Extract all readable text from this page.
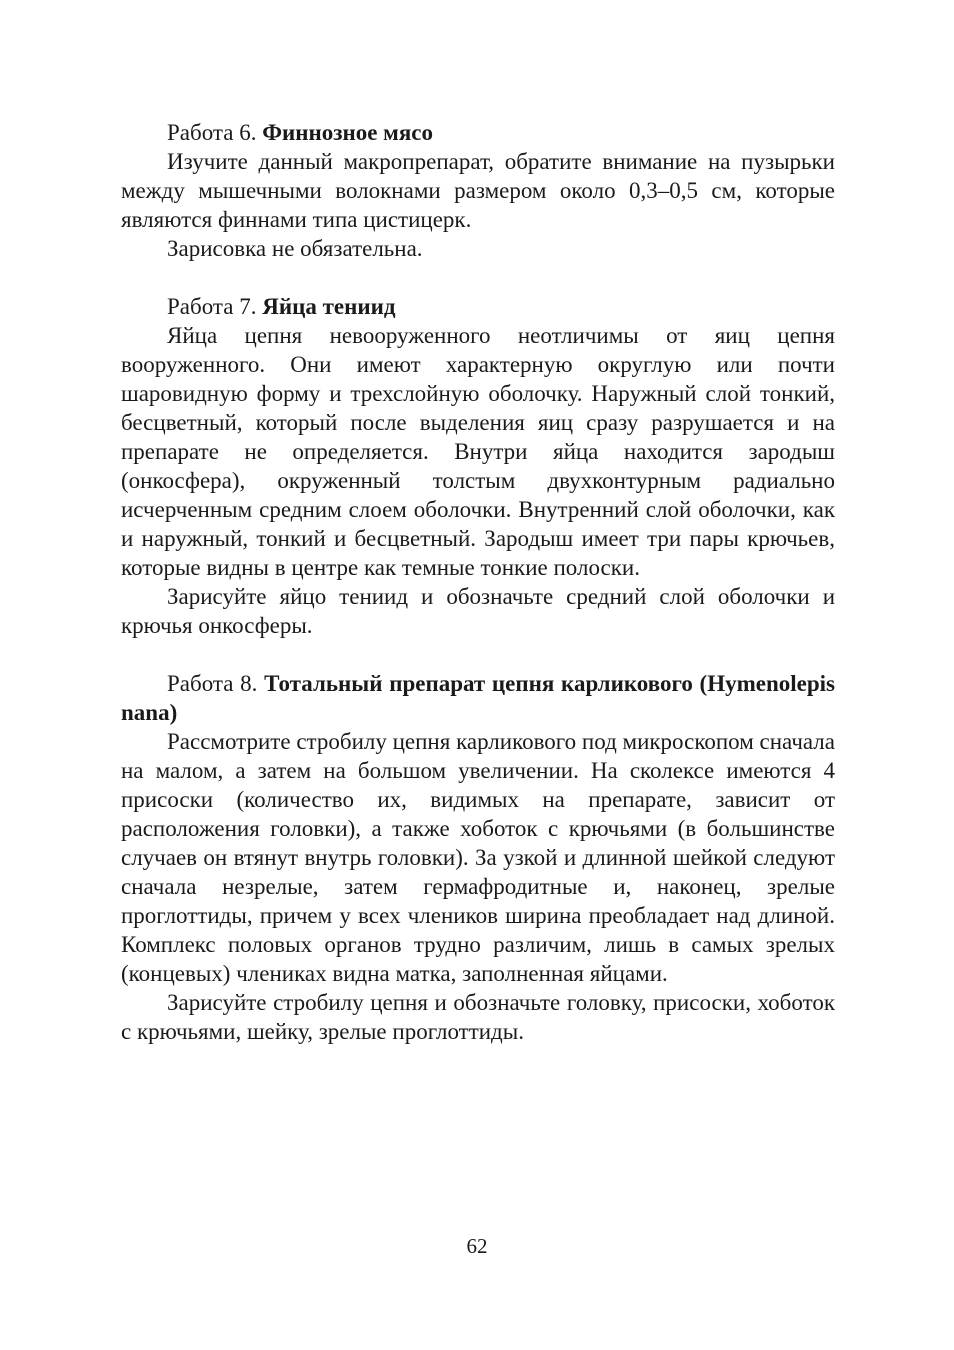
Работа 6. Финнозное мясо

Изучите данный макропрепарат, обратите внимание на пузырьки между мышечными волокнами размером около 0,3–0,5 см, которые являются финнами типа цистицерк.

Зарисовка не обязательна.

Работа 7. Яйца тениид

Яйца цепня невооруженного неотличимы от яиц цепня вооруженного. Они имеют характерную округлую или почти шаровидную форму и трехслойную оболочку. Наружный слой тонкий, бесцветный, который после выделения яиц сразу разрушается и на препарате не определяется. Внутри яйца находится зародыш (онкосфера), окруженный толстым двухконтурным радиально исчерченным средним слоем оболочки. Внутренний слой оболочки, как и наружный, тонкий и бесцветный. Зародыш имеет три пары крючьев, которые видны в центре как темные тонкие полоски.

Зарисуйте яйцо тениид и обозначьте средний слой оболочки и крючья онкосферы.

Работа 8. Тотальный препарат цепня карликового (Hymenolepis nana)

Рассмотрите стробилу цепня карликового под микроскопом сначала на малом, а затем на большом увеличении. На сколексе имеются 4 присоски (количество их, видимых на препарате, зависит от расположения головки), а также хоботок с крючьями (в большинстве случаев он втянут внутрь головки). За узкой и длинной шейкой следуют сначала незрелые, затем гермафродитные и, наконец, зрелые проглоттиды, причем у всех члеников ширина преобладает над длиной. Комплекс половых органов трудно различим, лишь в самых зрелых (концевых) члениках видна матка, заполненная яйцами.

Зарисуйте стробилу цепня и обозначьте головку, присоски, хоботок с крючьями, шейку, зрелые проглоттиды.

62
